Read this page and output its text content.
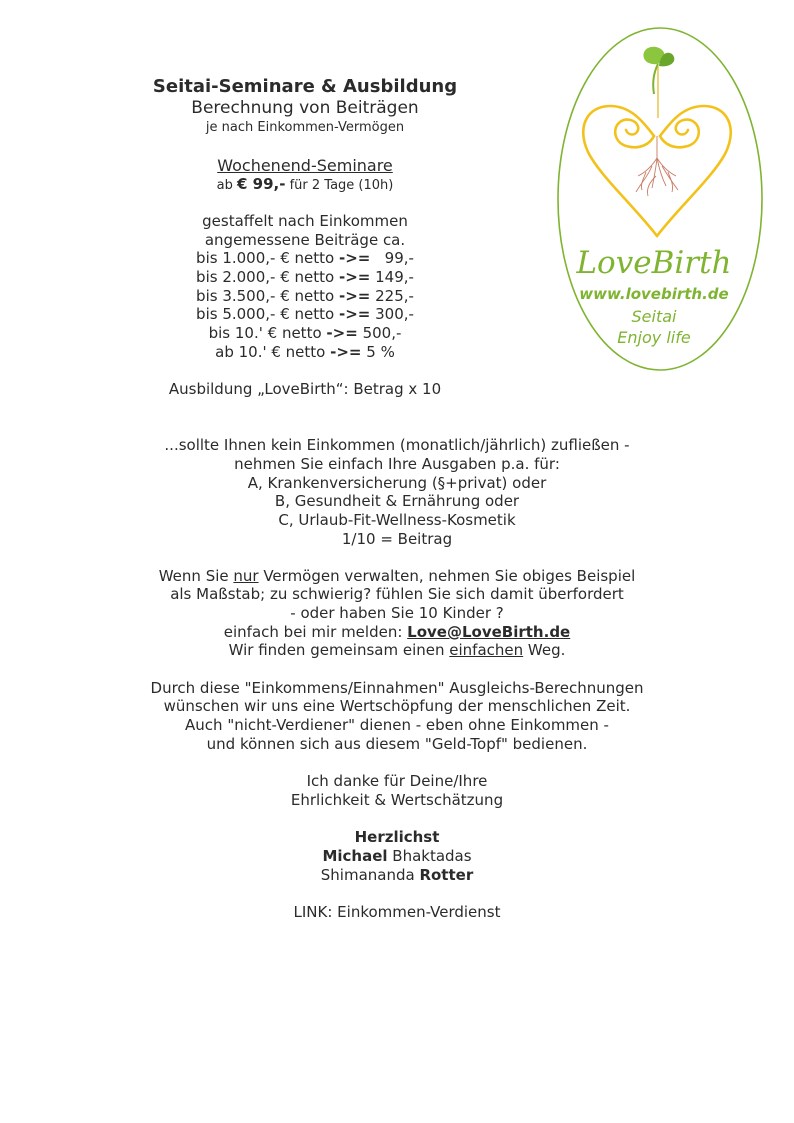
Seitai-Seminare & Ausbildung
Berechnung von Beiträgen
je nach Einkommen-Vermögen
Wochenend-Seminare
ab € 99,- für 2 Tage (10h)
gestaffelt nach Einkommen
angemessene Beiträge ca.
bis 1.000,- € netto ->=   99,-
bis 2.000,- € netto ->= 149,-
bis 3.500,- € netto ->= 225,-
bis 5.000,- € netto ->= 300,-
bis 10.' € netto ->= 500,-
ab 10.' € netto ->= 5 %
Ausbildung „LoveBirth“: Betrag x 10
...sollte Ihnen kein Einkommen (monatlich/jährlich) zufließen -
nehmen Sie einfach Ihre Ausgaben p.a. für:
A, Krankenversicherung (§+privat) oder
B, Gesundheit & Ernährung oder
C, Urlaub-Fit-Wellness-Kosmetik
1/10 = Beitrag
Wenn Sie nur Vermögen verwalten, nehmen Sie obiges Beispiel
als Maßstab; zu schwierig? fühlen Sie sich damit überfordert
- oder haben Sie 10 Kinder ?
einfach bei mir melden: Love@LoveBirth.de
Wir finden gemeinsam einen einfachen Weg.
Durch diese "Einkommens/Einnahmen" Ausgleichs-Berechnungen
wünschen wir uns eine Wertschöpfung der menschlichen Zeit.
Auch "nicht-Verdiener" dienen - eben ohne Einkommen -
und können sich aus diesem "Geld-Topf" bedienen.
Ich danke für Deine/Ihre
Ehrlichkeit & Wertschätzung
Herzlichst
Michael Bhaktadas
Shimananda Rotter
LINK: Einkommen-Verdienst
LoveBirth
www.lovebirth.de
Seitai
Enjoy life
